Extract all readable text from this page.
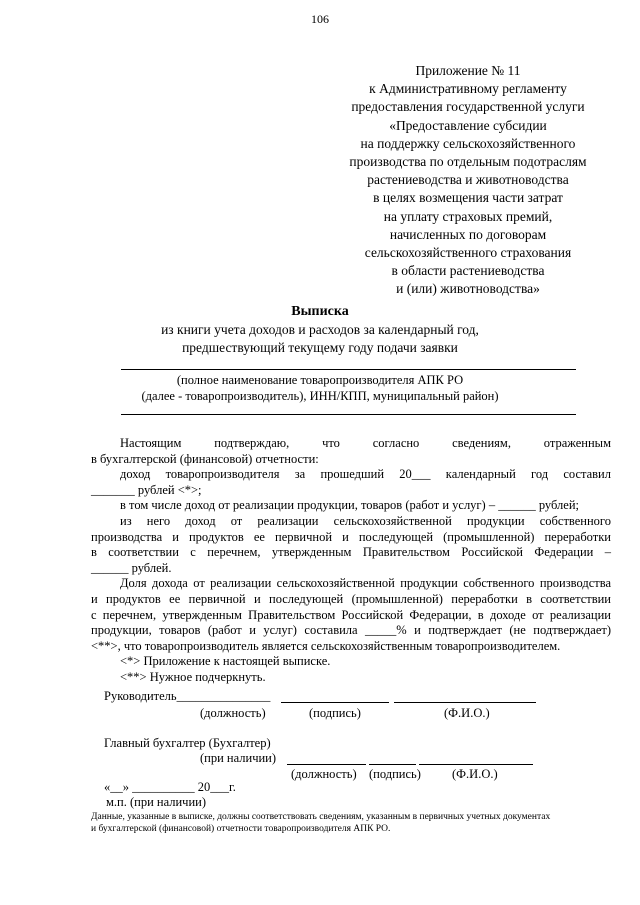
106
Приложение № 11
к Административному регламенту
предоставления государственной услуги
«Предоставление субсидии
на поддержку сельскохозяйственного
производства по отдельным подотраслям
растениеводства и животноводства
в целях возмещения части затрат
на уплату страховых премий,
начисленных по договорам
сельскохозяйственного страхования
в области растениеводства
и (или) животноводства»
Выписка
из книги учета доходов и расходов за календарный год,
предшествующий текущему году подачи заявки
(полное наименование товаропроизводителя АПК РО
(далее - товаропроизводитель), ИНН/КПП, муниципальный район)

Настоящим подтверждаю, что согласно сведениям, отраженным

в бухгалтерской (финансовой) отчетности:

доход товаропроизводителя за прошедший 20___ календарный год составил

_______ рублей <*>;

в том числе доход от реализации продукции, товаров (работ и услуг) – ______ рублей;

из него доход от реализации сельскохозяйственной продукции собственного

производства и продуктов ее первичной и последующей (промышленной) переработки

в соответствии с перечнем, утвержденным Правительством Российской Федерации –

______ рублей.

Доля дохода от реализации сельскохозяйственной продукции собственного производства

и продуктов ее первичной и последующей (промышленной) переработки в соответствии

с перечнем, утвержденным Правительством Российской Федерации, в доходе от реализации

продукции, товаров (работ и услуг) составила _____% и подтверждает (не подтверждает)

<**>, что товаропроизводитель является сельскохозяйственным товаропроизводителем.

<*> Приложение к настоящей выписке.

<**> Нужное подчеркнуть.

Руководитель_______________
(должность)	(подпись)	(Ф.И.О.)
Главный бухгалтер (Бухгалтер)
(при наличии)
(должность) (подпись) (Ф.И.О.)
«__» __________ 20___г.
м.п. (при наличии)
Данные, указанные в выписке, должны соответствовать сведениям, указанным в первичных учетных документах
и бухгалтерской (финансовой) отчетности товаропроизводителя АПК РО.
